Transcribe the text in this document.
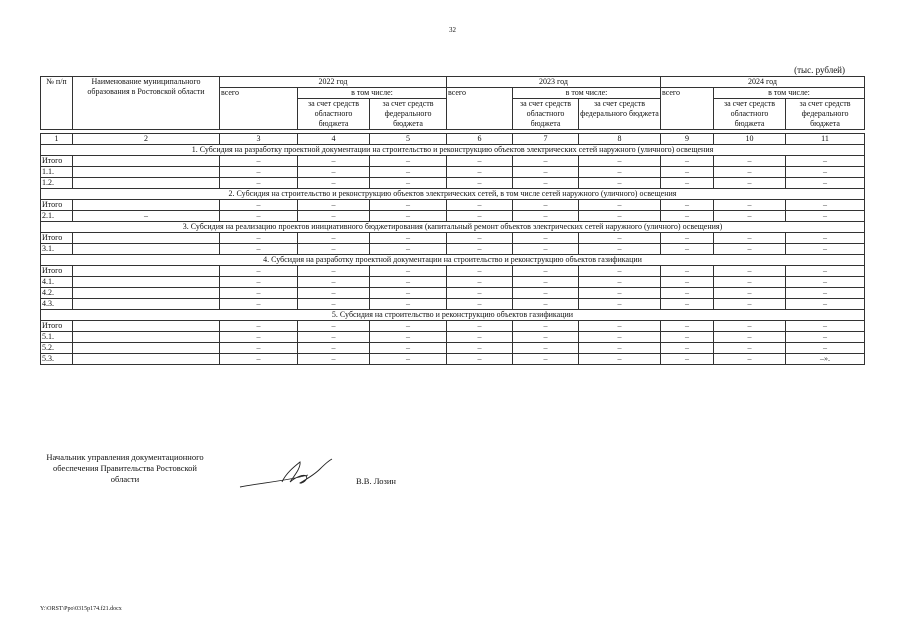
32
(тыс. рублей)
№ п/п	Наименование муниципального образования в Ростовской области	2022 год			2023 год			2024 год		
		всего	в том числе:		всего	в том числе:		всего	в том числе:	
			за счет средств областного бюджета	за счет средств федерального бюджета		за счет средств областного бюджета	за счет средств федерального бюджета		за счет средств областного бюджета	за счет средств федерального бюджета

1	2	3	4	5	6	7	8	9	10	11
1. Субсидия на разработку проектной документации на строительство и реконструкцию объектов электрических сетей наружного (уличного) освещения										
Итого		–	–	–	–	–	–	–	–	–
1.1.		–	–	–	–	–	–	–	–	–
1.2.		–	–	–	–	–	–	–	–	–
2. Субсидия на строительство и реконструкцию объектов электрических сетей, в том числе сетей наружного (уличного) освещения										
Итого		–	–	–	–	–	–	–	–	–
2.1.	–	–	–	–	–	–	–	–	–	–
3. Субсидия на реализацию проектов инициативного бюджетирования (капитальный ремонт объектов электрических сетей наружного (уличного) освещения)										
Итого		–	–	–	–	–	–	–	–	–
3.1.		–	–	–	–	–	–	–	–	–
4. Субсидия на разработку проектной документации на строительство и реконструкцию объектов газификации										
Итого		–	–	–	–	–	–	–	–	–
4.1.		–	–	–	–	–	–	–	–	–
4.2.		–	–	–	–	–	–	–	–	–
4.3.		–	–	–	–	–	–	–	–	–
5. Субсидия на строительство и реконструкцию объектов газификации										
Итого		–	–	–	–	–	–	–	–	–
5.1.		–	–	–	–	–	–	–	–	–
5.2.		–	–	–	–	–	–	–	–	–
5.3.		–	–	–	–	–	–	–	–	–».
Начальник управления документационного обеспечения Правительства Ростовской области	В.В. Лозин
Y:\ORST\Ppo\0315p174.f21.docx
